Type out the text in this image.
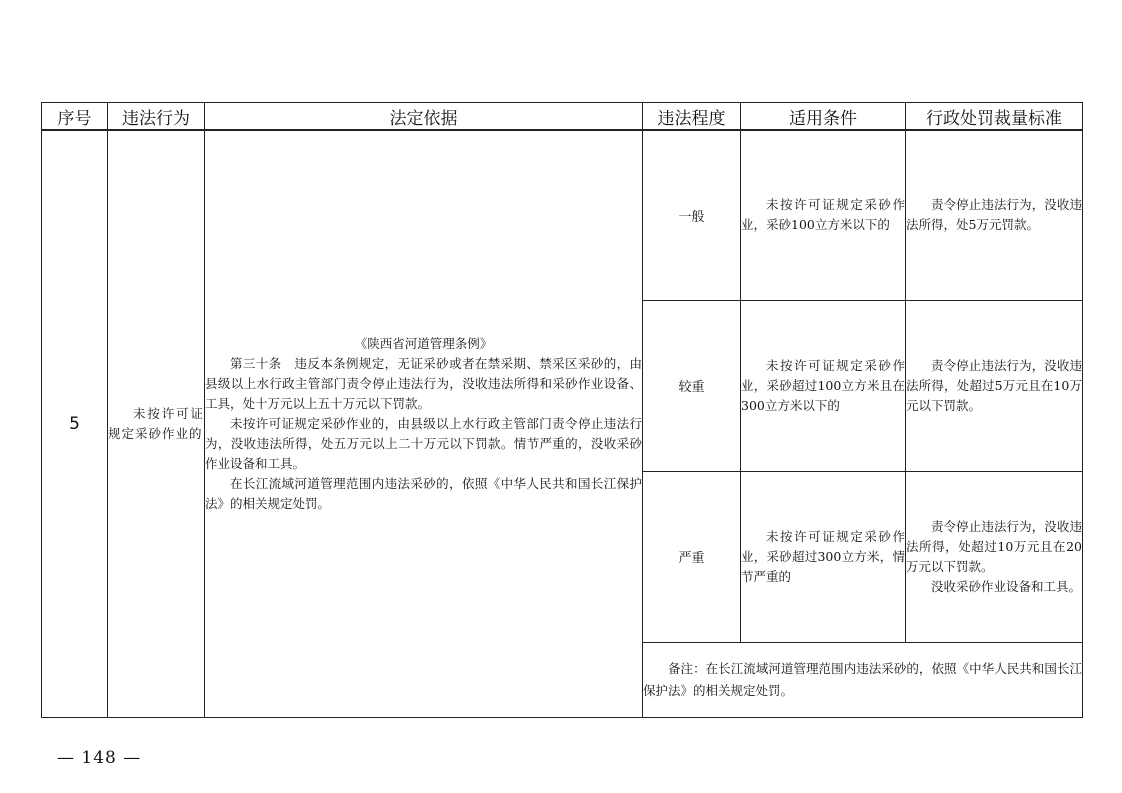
序号	违法行为	法定依据	违法程度	适用条件	行政处罚裁量标准
5	未按许可证规定采砂作业的	《陕西省河道管理条例》
第三十条　违反本条例规定，无证采砂或者在禁采期、禁采区采砂的，由县级以上水行政主管部门责令停止违法行为，没收违法所得和采砂作业设备、工具，处十万元以上五十万元以下罚款。
未按许可证规定采砂作业的，由县级以上水行政主管部门责令停止违法行为，没收违法所得，处五万元以上二十万元以下罚款。情节严重的，没收采砂作业设备和工具。
在长江流域河道管理范围内违法采砂的，依照《中华人民共和国长江保护法》的相关规定处罚。	一般	未按许可证规定采砂作业，采砂100立方米以下的	责令停止违法行为，没收违法所得，处5万元罚款。

			较重	未按许可证规定采砂作业，采砂超过100立方米且在300立方米以下的	责令停止违法行为，没收违法所得，处超过5万元且在10万元以下罚款。

			严重	未按许可证规定采砂作业，采砂超过300立方米，情节严重的	责令停止违法行为，没收违法所得，处超过10万元且在20万元以下罚款。
没收采砂作业设备和工具。

			备注：在长江流域河道管理范围内违法采砂的，依照《中华人民共和国长江保护法》的相关规定处罚。		
— 148 —
